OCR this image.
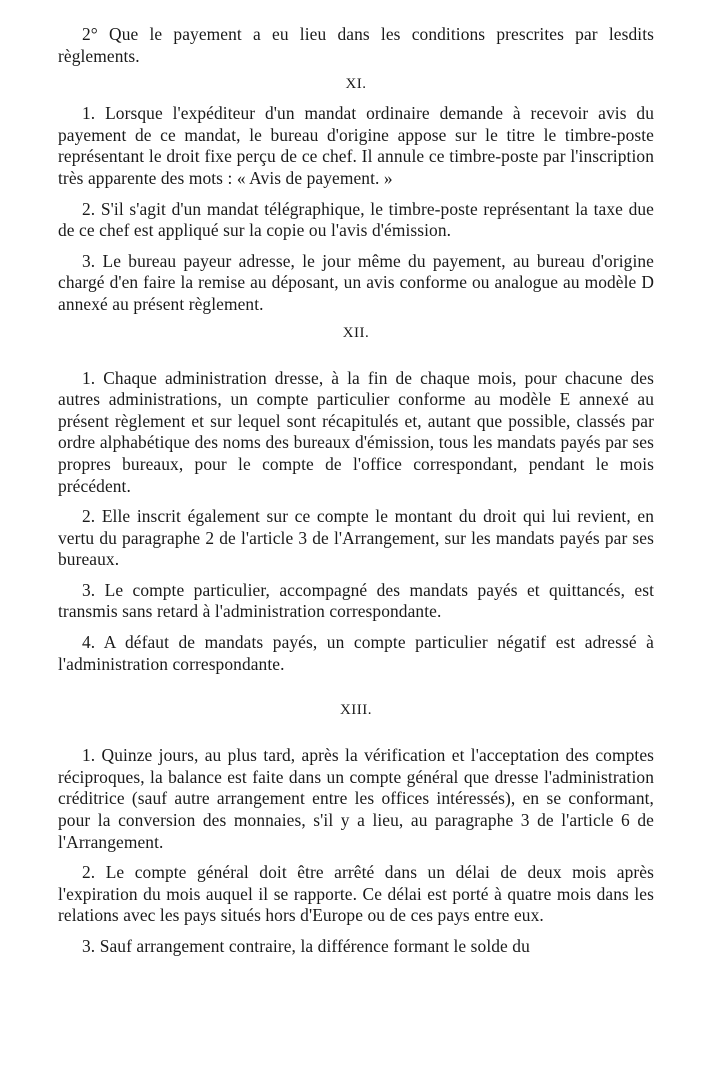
2° Que le payement a eu lieu dans les conditions prescrites par lesdits règlements.

XI.

1. Lorsque l'expéditeur d'un mandat ordinaire demande à recevoir avis du payement de ce mandat, le bureau d'origine appose sur le titre le timbre-poste représentant le droit fixe perçu de ce chef. Il annule ce timbre-poste par l'inscription très apparente des mots : « Avis de payement. »

2. S'il s'agit d'un mandat télégraphique, le timbre-poste représentant la taxe due de ce chef est appliqué sur la copie ou l'avis d'émission.

3. Le bureau payeur adresse, le jour même du payement, au bureau d'origine chargé d'en faire la remise au déposant, un avis conforme ou analogue au modèle D annexé au présent règlement.

XII.

1. Chaque administration dresse, à la fin de chaque mois, pour chacune des autres administrations, un compte particulier conforme au modèle E annexé au présent règlement et sur lequel sont récapitulés et, autant que possible, classés par ordre alphabétique des noms des bureaux d'émission, tous les mandats payés par ses propres bureaux, pour le compte de l'office correspondant, pendant le mois précédent.

2. Elle inscrit également sur ce compte le montant du droit qui lui revient, en vertu du paragraphe 2 de l'article 3 de l'Arrangement, sur les mandats payés par ses bureaux.

3. Le compte particulier, accompagné des mandats payés et quittancés, est transmis sans retard à l'administration correspondante.

4. A défaut de mandats payés, un compte particulier négatif est adressé à l'administration correspondante.

XIII.

1. Quinze jours, au plus tard, après la vérification et l'acceptation des comptes réciproques, la balance est faite dans un compte général que dresse l'administration créditrice (sauf autre arrangement entre les offices intéressés), en se conformant, pour la conversion des monnaies, s'il y a lieu, au paragraphe 3 de l'article 6 de l'Arrangement.

2. Le compte général doit être arrêté dans un délai de deux mois après l'expiration du mois auquel il se rapporte. Ce délai est porté à quatre mois dans les relations avec les pays situés hors d'Europe ou de ces pays entre eux.

3. Sauf arrangement contraire, la différence formant le solde du
